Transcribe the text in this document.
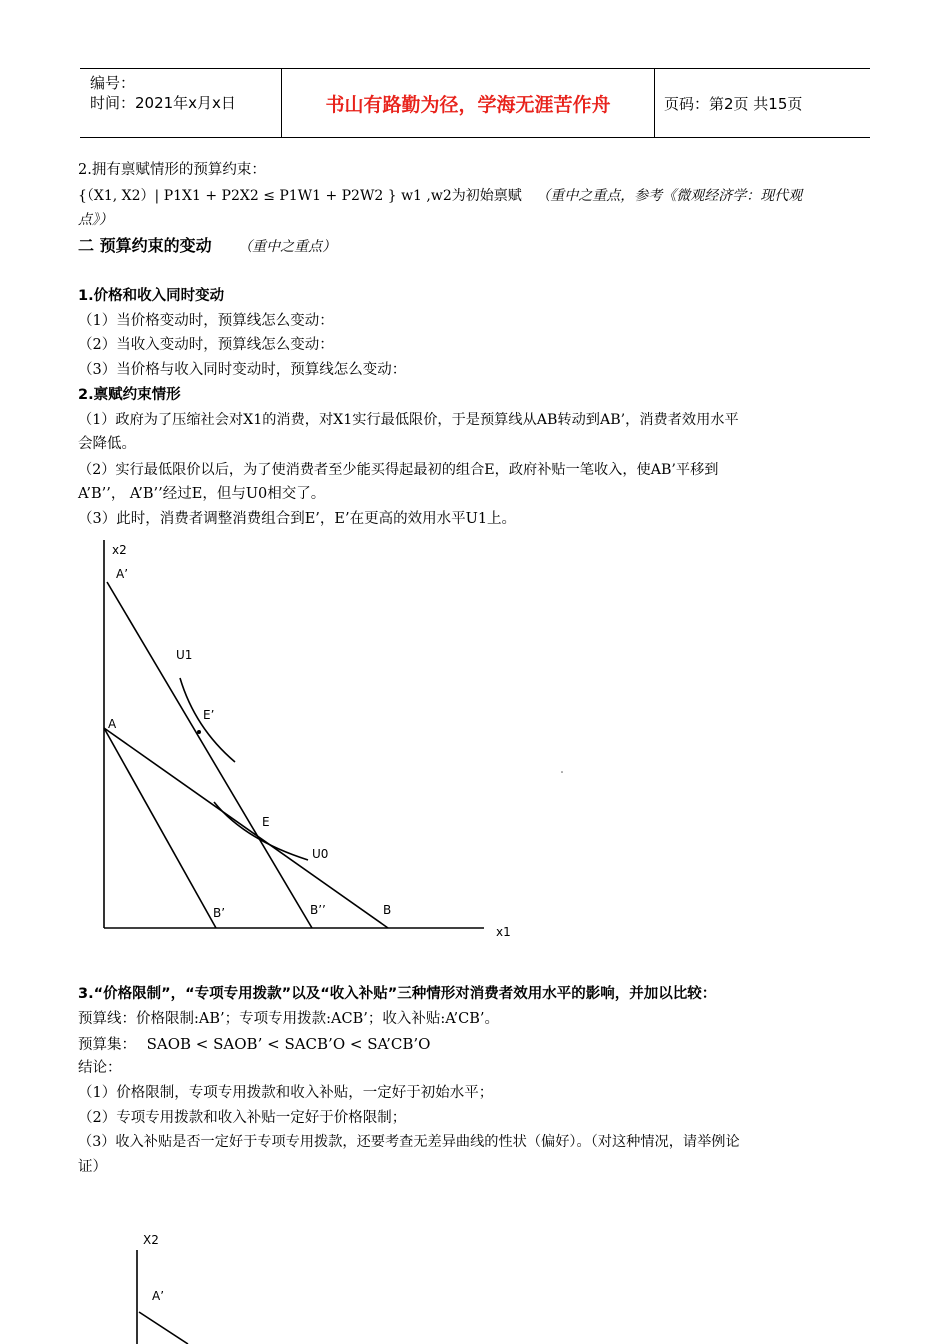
编号：
时间：2021年x月x日	书山有路勤为径，学海无涯苦作舟	页码：第2页 共15页
2.拥有禀赋情形的预算约束：
{（X1, X2）| P1X1 + P2X2 ≤ P1W1 + P2W2 } w1 ,w2为初始禀赋 （重中之重点，参考《微观经济学：现代观
点》）
二 预算约束的变动 （重中之重点）
1.价格和收入同时变动
（1）当价格变动时，预算线怎么变动：
（2）当收入变动时，预算线怎么变动：
（3）当价格与收入同时变动时，预算线怎么变动：
2.禀赋约束情形
（1）政府为了压缩社会对X1的消费，对X1实行最低限价，于是预算线从AB转动到AB’，消费者效用水平
会降低。
（2）实行最低限价以后，为了使消费者至少能买得起最初的组合E，政府补贴一笔收入，使AB’平移到
A’B’’， A’B’’经过E，但与U0相交了。
（3）此时，消费者调整消费组合到E’，E’在更高的效用水平U1上。
x2
A’
U1
E’
A
E
U0
B’	B’’	B
x1
3.“价格限制”，“专项专用拨款”以及“收入补贴”三种情形对消费者效用水平的影响，并加以比较：
预算线：价格限制:AB’；专项专用拨款:ACB’；收入补贴:A’CB’。
预算集： SAOB < SAOB’ < SACB’O < SA’CB’O
结论：
（1）价格限制，专项专用拨款和收入补贴，一定好于初始水平；
（2）专项专用拨款和收入补贴一定好于价格限制；
（3）收入补贴是否一定好于专项专用拨款，还要考查无差异曲线的性状（偏好）。（对这种情况，请举例论
证）
X2
A’
